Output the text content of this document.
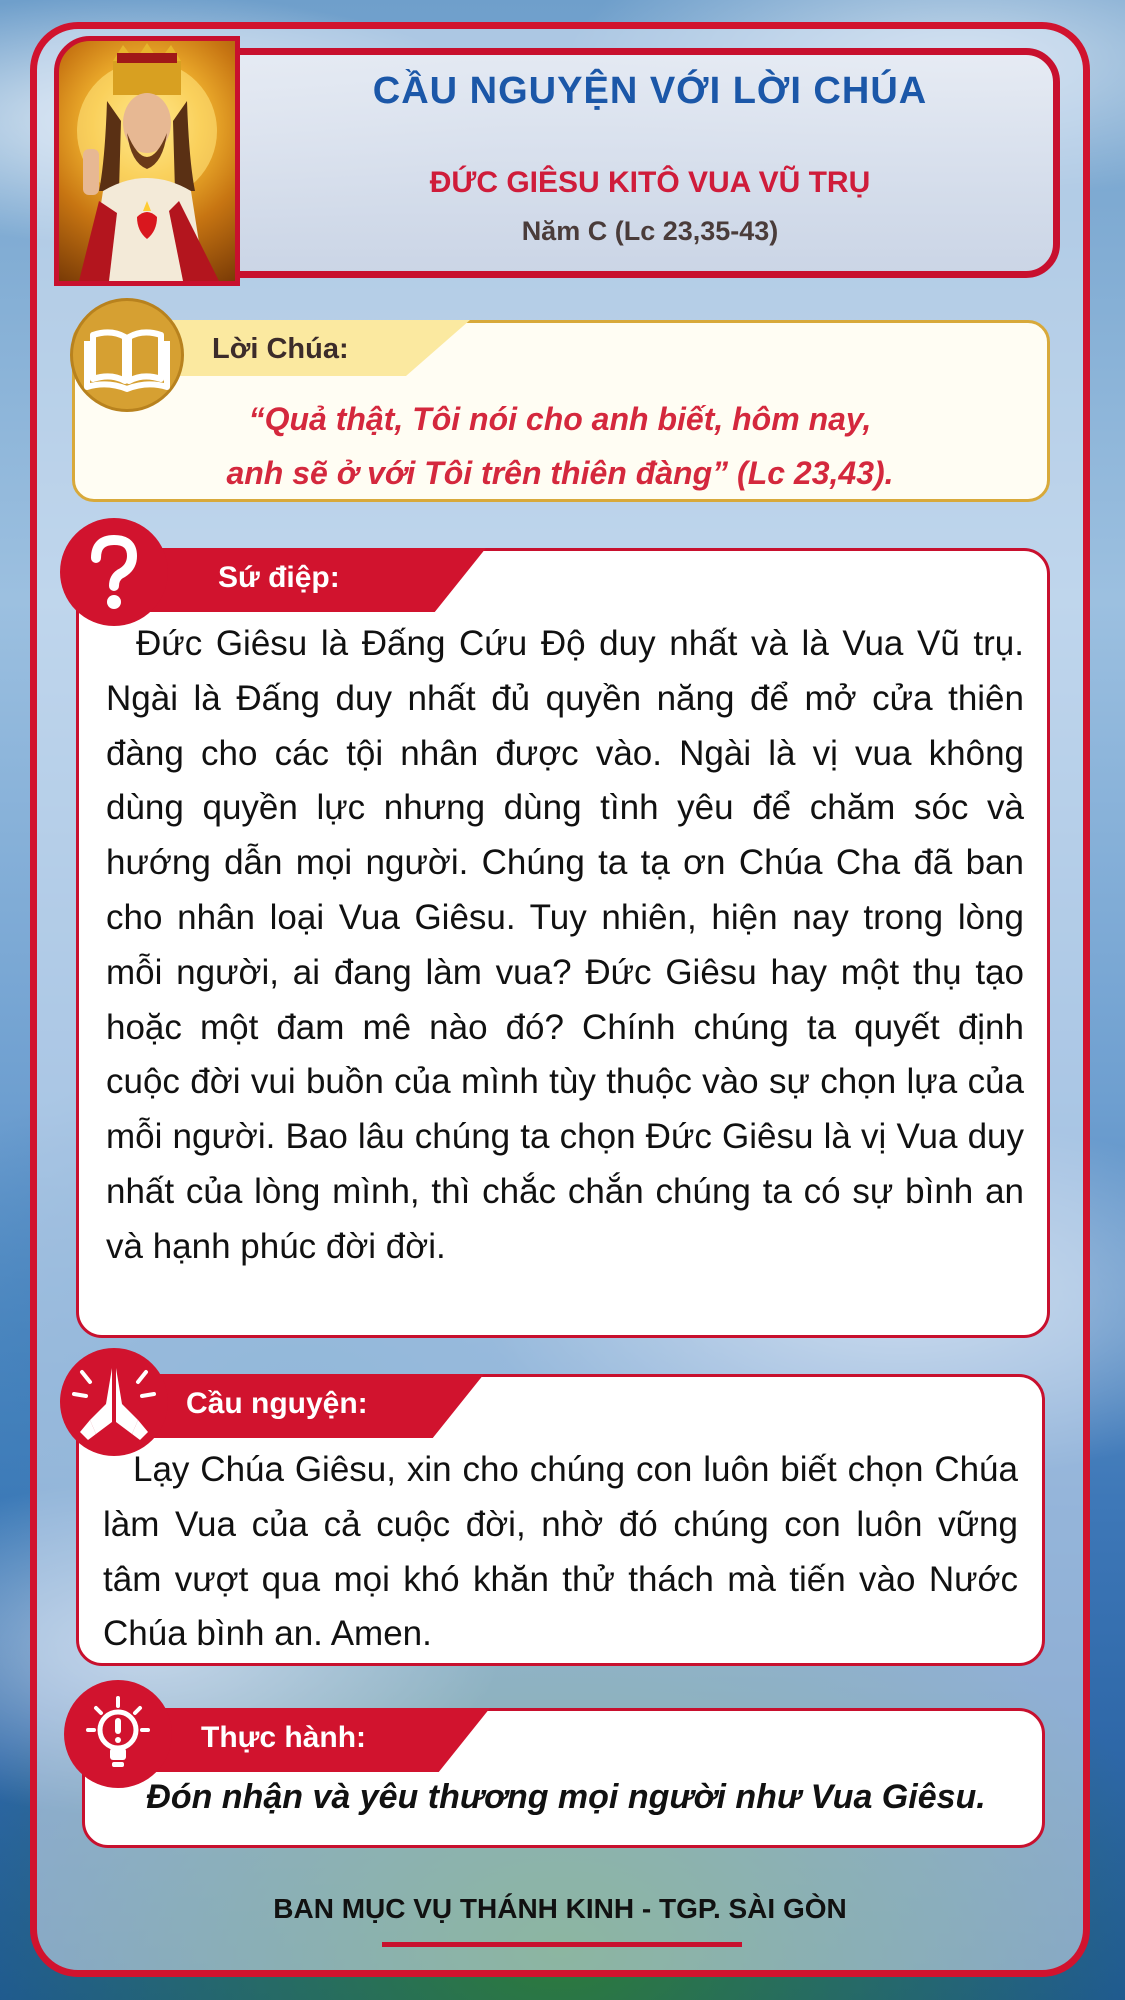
CẦU NGUYỆN VỚI LỜI CHÚA
ĐỨC GIÊSU KITÔ VUA VŨ TRỤ
Năm C (Lc 23,35-43)
Lời Chúa:
“Quả thật, Tôi nói cho anh biết, hôm nay,
anh sẽ ở với Tôi trên thiên đàng” (Lc 23,43).
Sứ điệp:

Đức Giêsu là Đấng Cứu Độ duy nhất và là Vua Vũ trụ. Ngài là Đấng duy nhất đủ quyền năng để mở cửa thiên đàng cho các tội nhân được vào. Ngài là vị vua không dùng quyền lực nhưng dùng tình yêu để chăm sóc và hướng dẫn mọi người. Chúng ta tạ ơn Chúa Cha đã ban cho nhân loại Vua Giêsu. Tuy nhiên, hiện nay trong lòng mỗi người, ai đang làm vua? Đức Giêsu hay một thụ tạo hoặc một đam mê nào đó? Chính chúng ta quyết định cuộc đời vui buồn của mình tùy thuộc vào sự chọn lựa của mỗi người. Bao lâu chúng ta chọn Đức Giêsu là vị Vua duy nhất của lòng mình, thì chắc chắn chúng ta có sự bình an và hạnh phúc đời đời.

Cầu nguyện:

Lạy Chúa Giêsu, xin cho chúng con luôn biết chọn Chúa làm Vua của cả cuộc đời, nhờ đó chúng con luôn vững tâm vượt qua mọi khó khăn thử thách mà tiến vào Nước Chúa bình an. Amen.

Thực hành:
Đón nhận và yêu thương mọi người như Vua Giêsu.
BAN MỤC VỤ THÁNH KINH - TGP. SÀI GÒN
